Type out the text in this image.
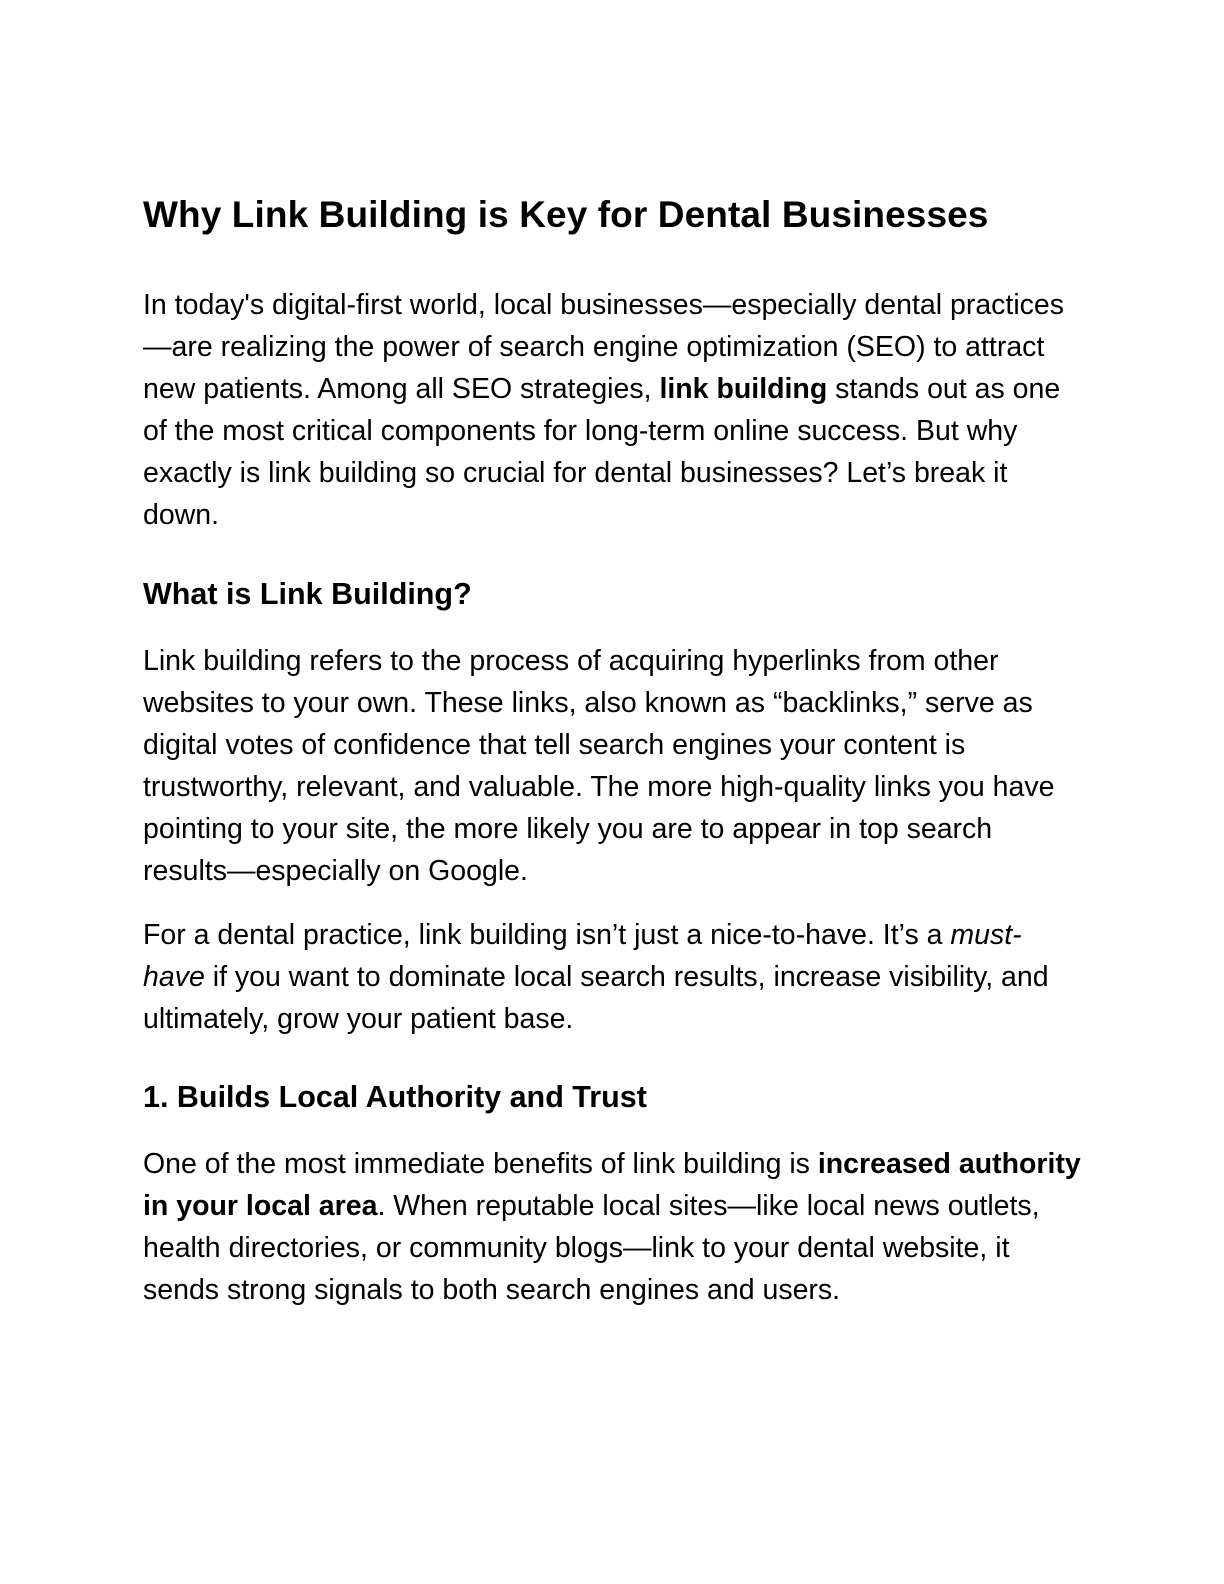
Why Link Building is Key for Dental Businesses

In today's digital-first world, local businesses—especially dental practices—are realizing the power of search engine optimization (SEO) to attract new patients. Among all SEO strategies, link building stands out as one of the most critical components for long-term online success. But why exactly is link building so crucial for dental businesses? Let’s break it down.

What is Link Building?

Link building refers to the process of acquiring hyperlinks from other websites to your own. These links, also known as “backlinks,” serve as digital votes of confidence that tell search engines your content is trustworthy, relevant, and valuable. The more high-quality links you have pointing to your site, the more likely you are to appear in top search results—especially on Google.

For a dental practice, link building isn’t just a nice-to-have. It’s a must-have if you want to dominate local search results, increase visibility, and ultimately, grow your patient base.

1. Builds Local Authority and Trust

One of the most immediate benefits of link building is increased authority in your local area. When reputable local sites—like local news outlets, health directories, or community blogs—link to your dental website, it sends strong signals to both search engines and users.
